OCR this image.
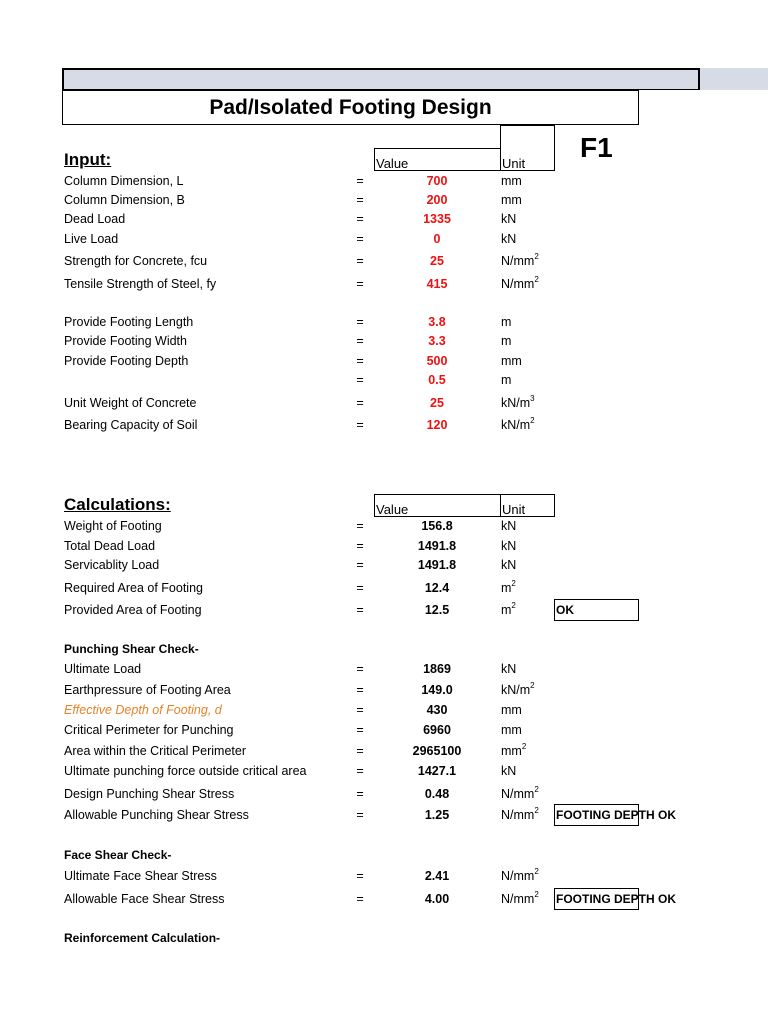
Pad/Isolated Footing Design
F1
Input:	Value	Unit
Calculations:	Value	Unit
Punching Shear Check-
Face Shear Check-
Reinforcement Calculation-
Column Dimension, L	=	700	mm
Column Dimension, B	=	200	mm
Dead Load	=	1335	kN
Live Load	=	0	kN
Strength for Concrete, fcu	=	25	$N/mm^2$
Tensile Strength of Steel, fy	=	415	$N/mm^2$
Provide Footing Length	=	3.8	m
Provide Footing Width	=	3.3	m
Provide Footing Depth	=	500	mm
=	0.5	m
Unit Weight of Concrete	=	25	$kN/m^3$
Bearing Capacity of Soil	=	120	$kN/m^2$
Weight of Footing	=	156.8	kN
Total Dead Load	=	1491.8	kN
Servicablity Load	=	1491.8	kN
Required Area of Footing	=	12.4	$m^2$
Provided Area of Footing	=	12.5	$m^2$	OK
Ultimate Load	=	1869	kN
Earthpressure of Footing Area	=	149.0	$kN/m^2$
Effective Depth of Footing, d	=	430	mm
Critical Perimeter for Punching	=	6960	mm
Area within the Critical Perimeter	=	2965100	$mm^2$
Ultimate punching force outside critical area	=	1427.1	kN
Design Punching Shear Stress	=	0.48	$N/mm^2$
Allowable Punching Shear Stress	=	1.25	$N/mm^2$ FOOTING DEPTH OK
Ultimate Face Shear Stress	=	2.41	$N/mm^2$
Allowable Face Shear Stress	=	4.00	$N/mm^2$ FOOTING DEPTH OK
